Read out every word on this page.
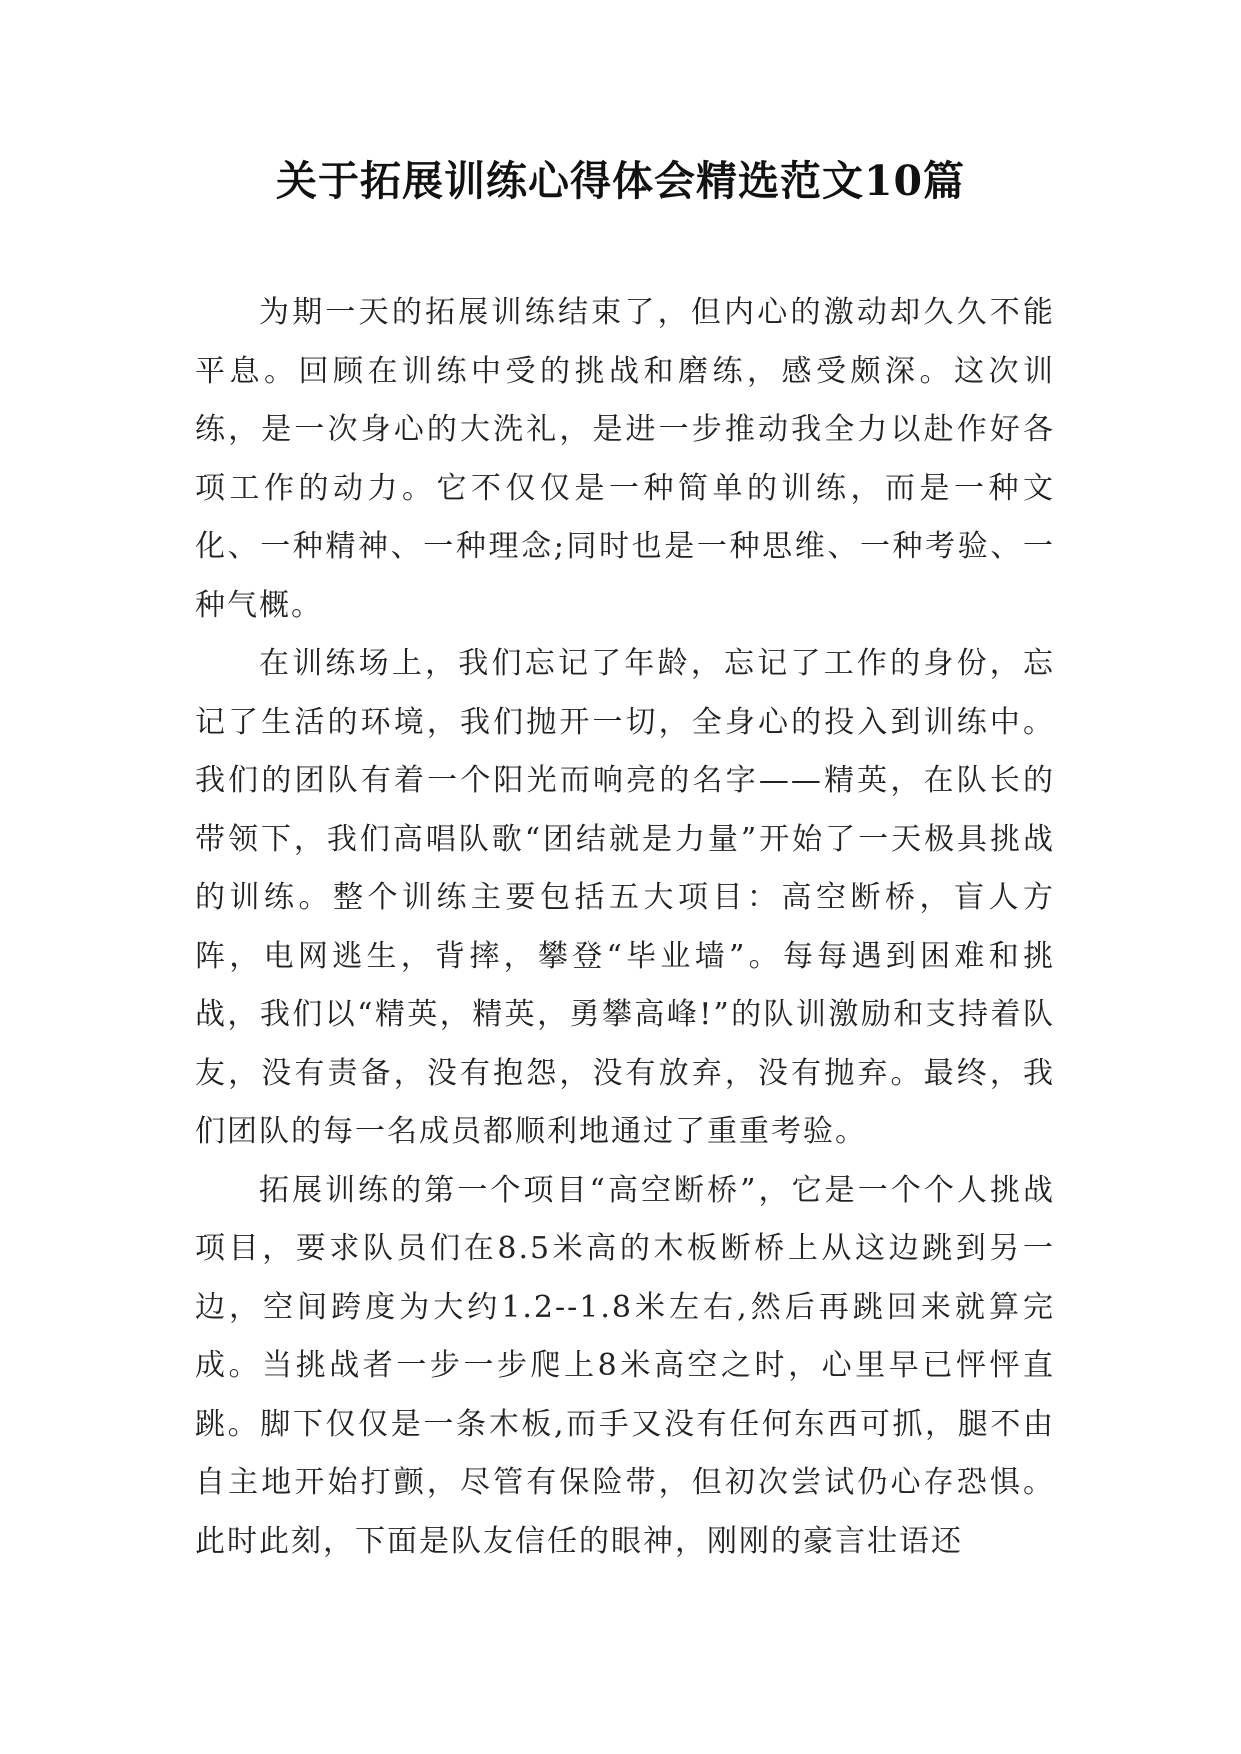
关于拓展训练心得体会精选范文10篇

为期一天的拓展训练结束了，但内心的激动却久久不能平息。回顾在训练中受的挑战和磨练，感受颇深。这次训练，是一次身心的大洗礼，是进一步推动我全力以赴作好各项工作的动力。它不仅仅是一种简单的训练，而是一种文化、一种精神、一种理念;同时也是一种思维、一种考验、一种气概。

在训练场上，我们忘记了年龄，忘记了工作的身份，忘记了生活的环境，我们抛开一切，全身心的投入到训练中。我们的团队有着一个阳光而响亮的名字——精英，在队长的带领下，我们高唱队歌“团结就是力量”开始了一天极具挑战的训练。整个训练主要包括五大项目：高空断桥，盲人方阵，电网逃生，背摔，攀登“毕业墙”。每每遇到困难和挑战，我们以“精英，精英，勇攀高峰!”的队训激励和支持着队友，没有责备，没有抱怨，没有放弃，没有抛弃。最终，我们团队的每一名成员都顺利地通过了重重考验。

拓展训练的第一个项目“高空断桥”，它是一个个人挑战项目，要求队员们在8.5米高的木板断桥上从这边跳到另一边，空间跨度为大约1.2--1.8米左右,然后再跳回来就算完成。当挑战者一步一步爬上8米高空之时，心里早已怦怦直跳。脚下仅仅是一条木板,而手又没有任何东西可抓，腿不由自主地开始打颤，尽管有保险带，但初次尝试仍心存恐惧。此时此刻，下面是队友信任的眼神，刚刚的豪言壮语还
